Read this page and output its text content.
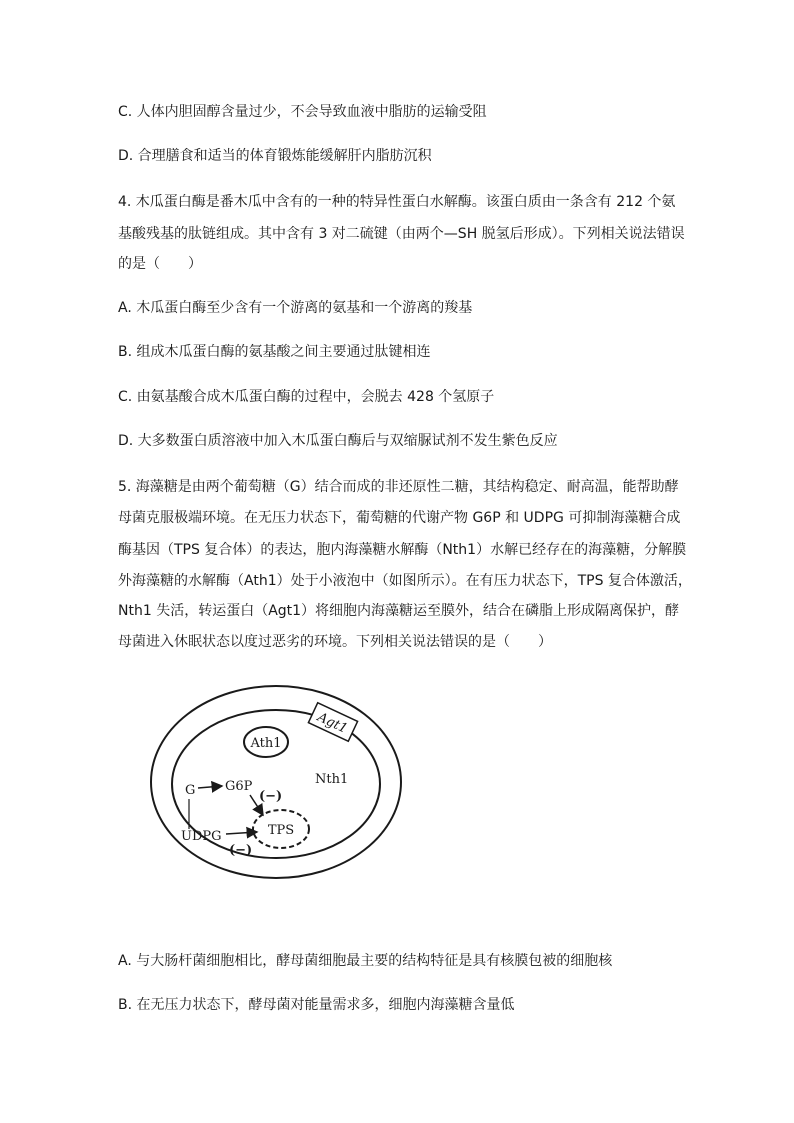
C. 人体内胆固醇含量过少，不会导致血液中脂肪的运输受阻
D. 合理膳食和适当的体育锻炼能缓解肝内脂肪沉积
4. 木瓜蛋白酶是番木瓜中含有的一种的特异性蛋白水解酶。该蛋白质由一条含有 212 个氨
基酸残基的肽链组成。其中含有 3 对二硫键（由两个—SH 脱氢后形成）。下列相关说法错误
的是（　　）
A. 木瓜蛋白酶至少含有一个游离的氨基和一个游离的羧基
B. 组成木瓜蛋白酶的氨基酸之间主要通过肽键相连
C. 由氨基酸合成木瓜蛋白酶的过程中，会脱去 428 个氢原子
D. 大多数蛋白质溶液中加入木瓜蛋白酶后与双缩脲试剂不发生紫色反应
5. 海藻糖是由两个葡萄糖（G）结合而成的非还原性二糖，其结构稳定、耐高温，能帮助酵
母菌克服极端环境。在无压力状态下，葡萄糖的代谢产物 G6P 和 UDPG 可抑制海藻糖合成
酶基因（TPS 复合体）的表达，胞内海藻糖水解酶（Nth1）水解已经存在的海藻糖，分解膜
外海藻糖的水解酶（Ath1）处于小液泡中（如图所示）。在有压力状态下，TPS 复合体激活，
Nth1 失活，转运蛋白（Agt1）将细胞内海藻糖运至膜外，结合在磷脂上形成隔离保护，酵
母菌进入休眠状态以度过恶劣的环境。下列相关说法错误的是（　　）
Agt1
Ath1
Nth1
G G6P
UDPG	TPS
(−)
(−)
A. 与大肠杆菌细胞相比，酵母菌细胞最主要的结构特征是具有核膜包被的细胞核
B. 在无压力状态下，酵母菌对能量需求多，细胞内海藻糖含量低
